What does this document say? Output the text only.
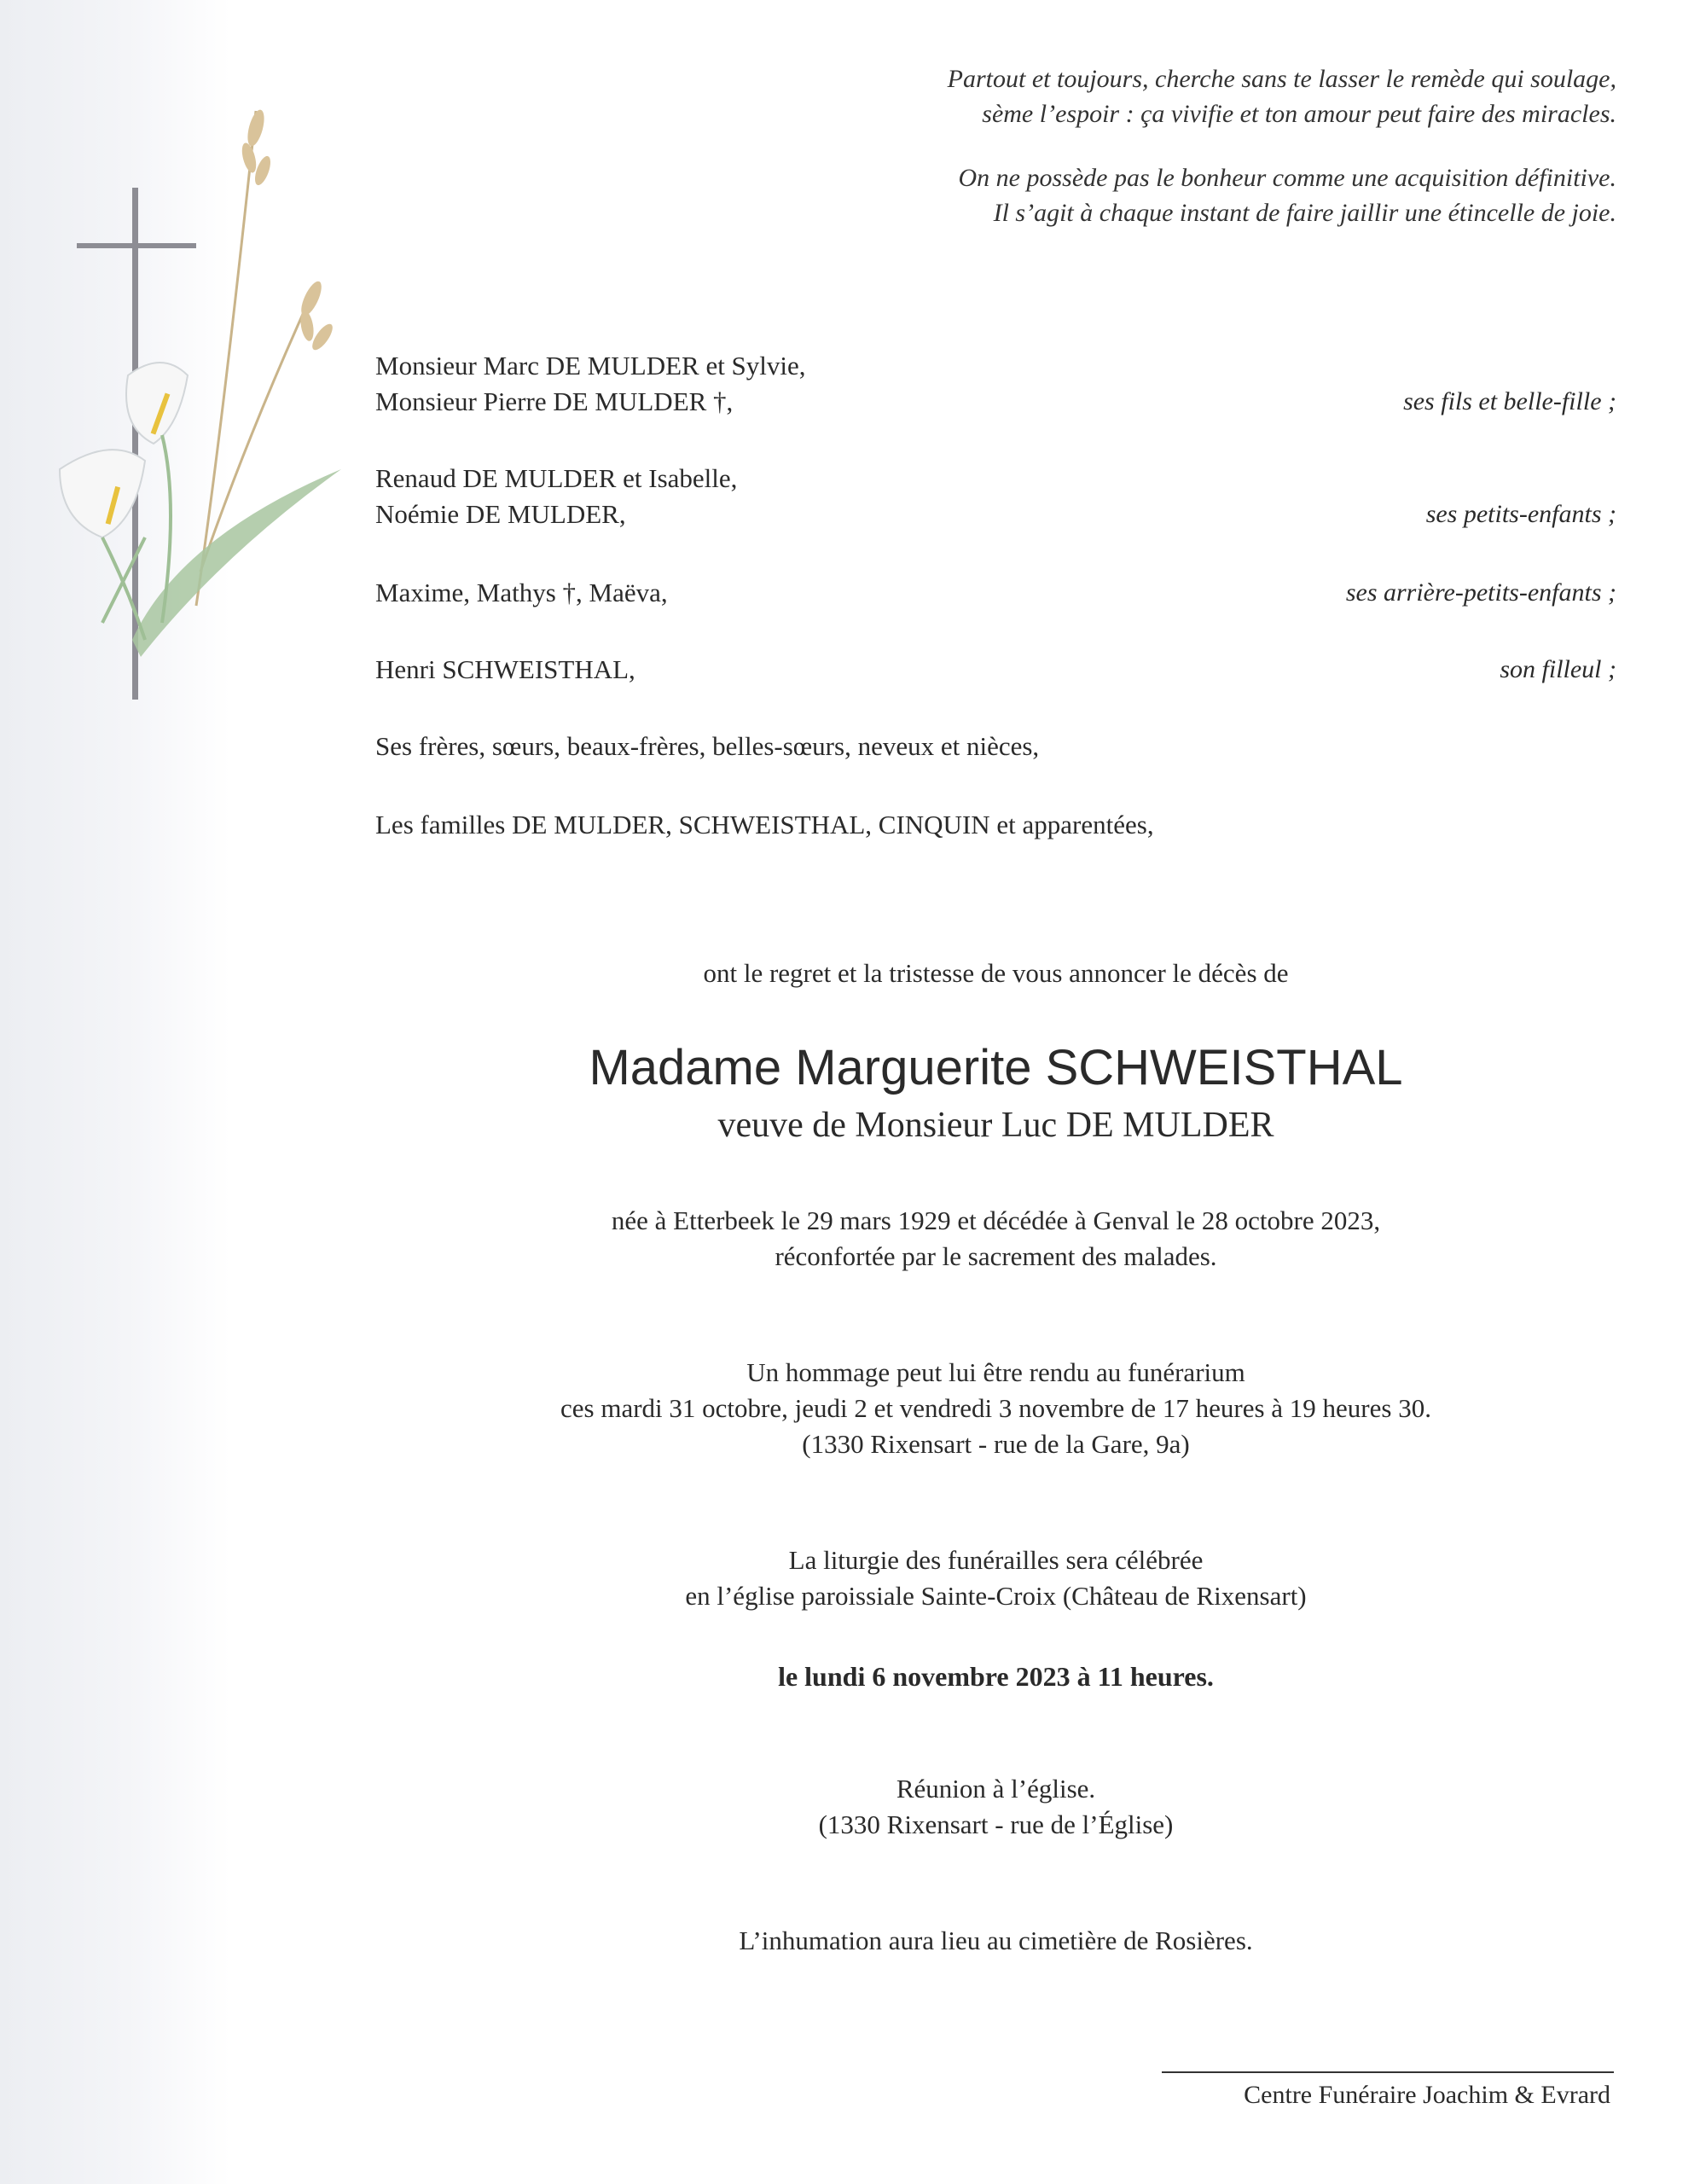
Partout et toujours, cherche sans te lasser le remède qui soulage,

sème l’espoir : ça vivifie et ton amour peut faire des miracles.

On ne possède pas le bonheur comme une acquisition définitive.

Il s’agit à chaque instant de faire jaillir une étincelle de joie.

Monsieur Marc DE MULDER et Sylvie,

Monsieur Pierre DE MULDER †,	ses fils et belle-fille ;

Renaud DE MULDER et Isabelle,

Noémie DE MULDER,	ses petits-enfants ;

Maxime, Mathys †, Maëva,	ses arrière-petits-enfants ;

Henri SCHWEISTHAL,	son filleul ;

Ses frères, sœurs, beaux-frères, belles-sœurs, neveux et nièces,

Les familles DE MULDER, SCHWEISTHAL, CINQUIN et apparentées,

ont le regret et la tristesse de vous annoncer le décès de

Madame Marguerite SCHWEISTHAL

veuve de Monsieur Luc DE MULDER

née à Etterbeek le 29 mars 1929 et décédée à Genval le 28 octobre 2023,

réconfortée par le sacrement des malades.

Un hommage peut lui être rendu au funérarium

ces mardi 31 octobre, jeudi 2 et vendredi 3 novembre de 17 heures à 19 heures 30.

(1330 Rixensart - rue de la Gare, 9a)

La liturgie des funérailles sera célébrée

en l’église paroissiale Sainte-Croix (Château de Rixensart)

le lundi 6 novembre 2023 à 11 heures.

Réunion à l’église.

(1330 Rixensart - rue de l’Église)

L’inhumation aura lieu au cimetière de Rosières.

Centre Funéraire Joachim & Evrard
